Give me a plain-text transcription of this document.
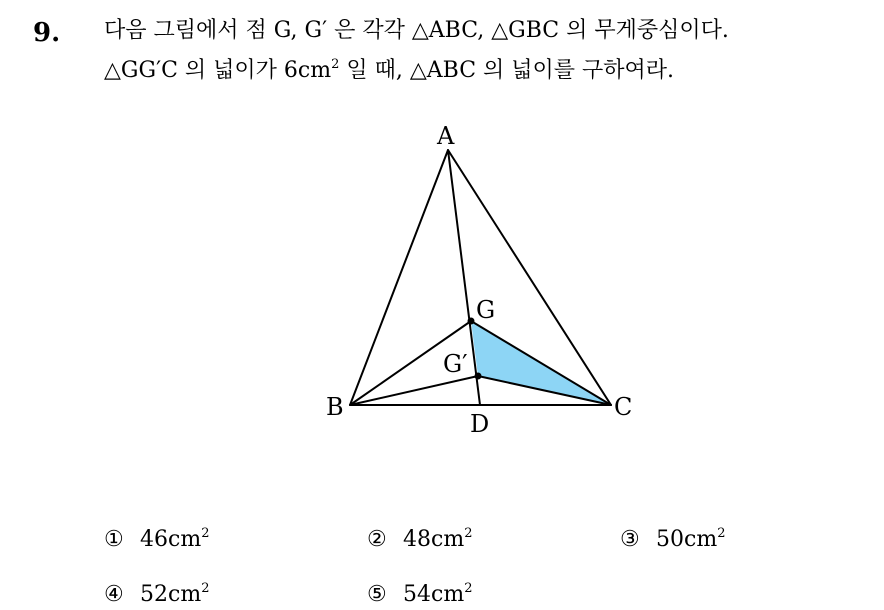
9. 다음 그림에서 점 G, G′ 은 각각 △ABC, △GBC 의 무게중심이다.
△GG′C 의 넓이가 $6cm^2$ 일 때, △ABC 의 넓이를 구하여라.
A
B	C
D
G
G′
① $46cm^2$	② $48cm^2$	③ $50cm^2$
④ $52cm^2$	⑤ $54cm^2$
